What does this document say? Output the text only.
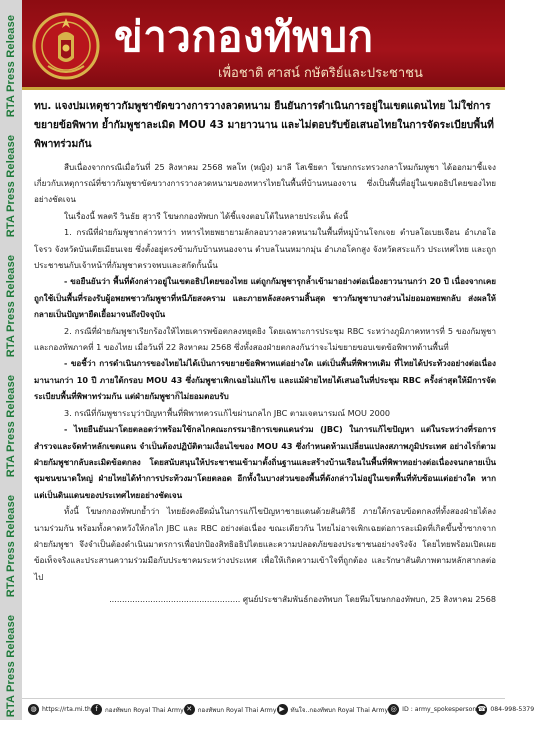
RTA Press Release
RTA Press Release
RTA Press Release
RTA Press Release
RTA Press Release
RTA Press Release
ข่าวกองทัพบก
เพื่อชาติ ศาสน์ กษัตริย์และประชาชน

ทบ. แจงปมเหตุชาวกัมพูชาขัดขวางการวางลวดหนาม ยืนยันการดำเนินการอยู่ในเขตแดนไทย ไม่ใช่การขยายข้อพิพาท ย้ำกัมพูชาละเมิด MOU 43 มายาวนาน และไม่ตอบรับข้อเสนอไทยในการจัดระเบียบพื้นที่พิพาทร่วมกัน

สืบเนื่องจากกรณีเมื่อวันที่ 25 สิงหาคม 2568 พลโท (หญิง) มาลี โสเชียตา โฆษกกระทรวงกลาโหมกัมพูชา ได้ออกมาชี้แจงเกี่ยวกับเหตุการณ์ที่ชาวกัมพูชาขัดขวางการวางลวดหนามของทหารไทยในพื้นที่บ้านหนองจาน ซึ่งเป็นพื้นที่อยู่ในเขตอธิปไตยของไทยอย่างชัดเจน

ในเรื่องนี้ พลตรี วินธัย สุวารี โฆษกกองทัพบก ได้ชี้แจงตอบโต้ในหลายประเด็น ดังนี้

1. กรณีที่ฝ่ายกัมพูชากล่าวหาว่า ทหารไทยพยายามลักลอบวางลวดหนามในพื้นที่หมู่บ้านโจกเจย ตำบลโอเบยเจือน อำเภอโอโจรว จังหวัดบันเตียเมียนเจย ซึ่งตั้งอยู่ตรงข้ามกับบ้านหนองจาน ตำบลโนนหมากมุ่น อำเภอโคกสูง จังหวัดสระแก้ว ประเทศไทย และถูกประชาชนกับเจ้าหน้าที่กัมพูชาตรวจพบและสกัดกั้นนั้น

- ขอยืนยันว่า พื้นที่ดังกล่าวอยู่ในเขตอธิปไตยของไทย แต่ถูกกัมพูชารุกล้ำเข้ามาอย่างต่อเนื่องยาวนานกว่า 20 ปี เนื่องจากเคยถูกใช้เป็นพื้นที่รองรับผู้อพยพชาวกัมพูชาที่หนีภัยสงคราม และภายหลังสงครามสิ้นสุด ชาวกัมพูชาบางส่วนไม่ยอมอพยพกลับ ส่งผลให้กลายเป็นปัญหายืดเยื้อมาจนถึงปัจจุบัน

2. กรณีที่ฝ่ายกัมพูชาเรียกร้องให้ไทยเคารพข้อตกลงหยุดยิง โดยเฉพาะการประชุม RBC ระหว่างภูมิภาคทหารที่ 5 ของกัมพูชาและกองทัพภาคที่ 1 ของไทย เมื่อวันที่ 22 สิงหาคม 2568 ซึ่งทั้งสองฝ่ายตกลงกันว่าจะไม่ขยายขอบเขตข้อพิพาทด้านพื้นที่

- ขอชี้ว่า การดำเนินการของไทยไม่ได้เป็นการขยายข้อพิพาทแต่อย่างใด แต่เป็นพื้นที่พิพาทเดิม ที่ไทยได้ประท้วงอย่างต่อเนื่องมานานกว่า 10 ปี ภายใต้กรอบ MOU 43 ซึ่งกัมพูชาเพิกเฉยไม่แก้ไข และแม้ฝ่ายไทยได้เสนอในที่ประชุม RBC ครั้งล่าสุดให้มีการจัดระเบียบพื้นที่พิพาทร่วมกัน แต่ฝ่ายกัมพูชาก็ไม่ยอมตอบรับ

3. กรณีที่กัมพูชาระบุว่าปัญหาพื้นที่พิพาทควรแก้ไขผ่านกลไก JBC ตามเจตนารมณ์ MOU 2000

- ไทยยืนยันมาโดยตลอดว่าพร้อมใช้กลไกคณะกรรมาธิการเขตแดนร่วม (JBC) ในการแก้ไขปัญหา แต่ในระหว่างที่รอการสำรวจและจัดทำหลักเขตแดน จำเป็นต้องปฏิบัติตามเงื่อนไขของ MOU 43 ซึ่งกำหนดห้ามเปลี่ยนแปลงสภาพภูมิประเทศ อย่างไรก็ตาม ฝ่ายกัมพูชากลับละเมิดข้อตกลง โดยสนับสนุนให้ประชาชนเข้ามาตั้งถิ่นฐานและสร้างบ้านเรือนในพื้นที่พิพาทอย่างต่อเนื่องจนกลายเป็นชุมชนขนาดใหญ่ ฝ่ายไทยได้ทำการประท้วงมาโดยตลอด อีกทั้งในบางส่วนของพื้นที่ดังกล่าวไม่อยู่ในเขตพื้นที่ทับซ้อนแต่อย่างใด หากแต่เป็นดินแดนของประเทศไทยอย่างชัดเจน

ทั้งนี้ โฆษกกองทัพบกย้ำว่า ไทยยังคงยึดมั่นในการแก้ไขปัญหาชายแดนด้วยสันติวิธี ภายใต้กรอบข้อตกลงที่ทั้งสองฝ่ายได้ลงนามร่วมกัน พร้อมทั้งคาดหวังให้กลไก JBC และ RBC อย่างต่อเนื่อง ขณะเดียวกัน ไทยไม่อาจเพิกเฉยต่อการละเมิดที่เกิดขึ้นซ้ำซากจากฝ่ายกัมพูชา จึงจำเป็นต้องดำเนินมาตรการเพื่อปกป้องสิทธิอธิปไตยและความปลอดภัยของประชาชนอย่างจริงจัง โดยไทยพร้อมเปิดเผยข้อเท็จจริงและประสานความร่วมมือกับประชาคมระหว่างประเทศ เพื่อให้เกิดความเข้าใจที่ถูกต้อง และรักษาสันติภาพตามหลักสากลต่อไป

................................................... ศูนย์ประชาสัมพันธ์กองทัพบก โดยทีมโฆษกกองทัพบก, 25 สิงหาคม 2568
◍ https://rta.mi.th f	กองทัพบก Royal Thai Army ✕ กองทัพบก Royal Thai Army ▶ ทันใจ..กองทัพบก Royal Thai Army ◎ ID : army_spokesperson ☎ 084-998-5379
